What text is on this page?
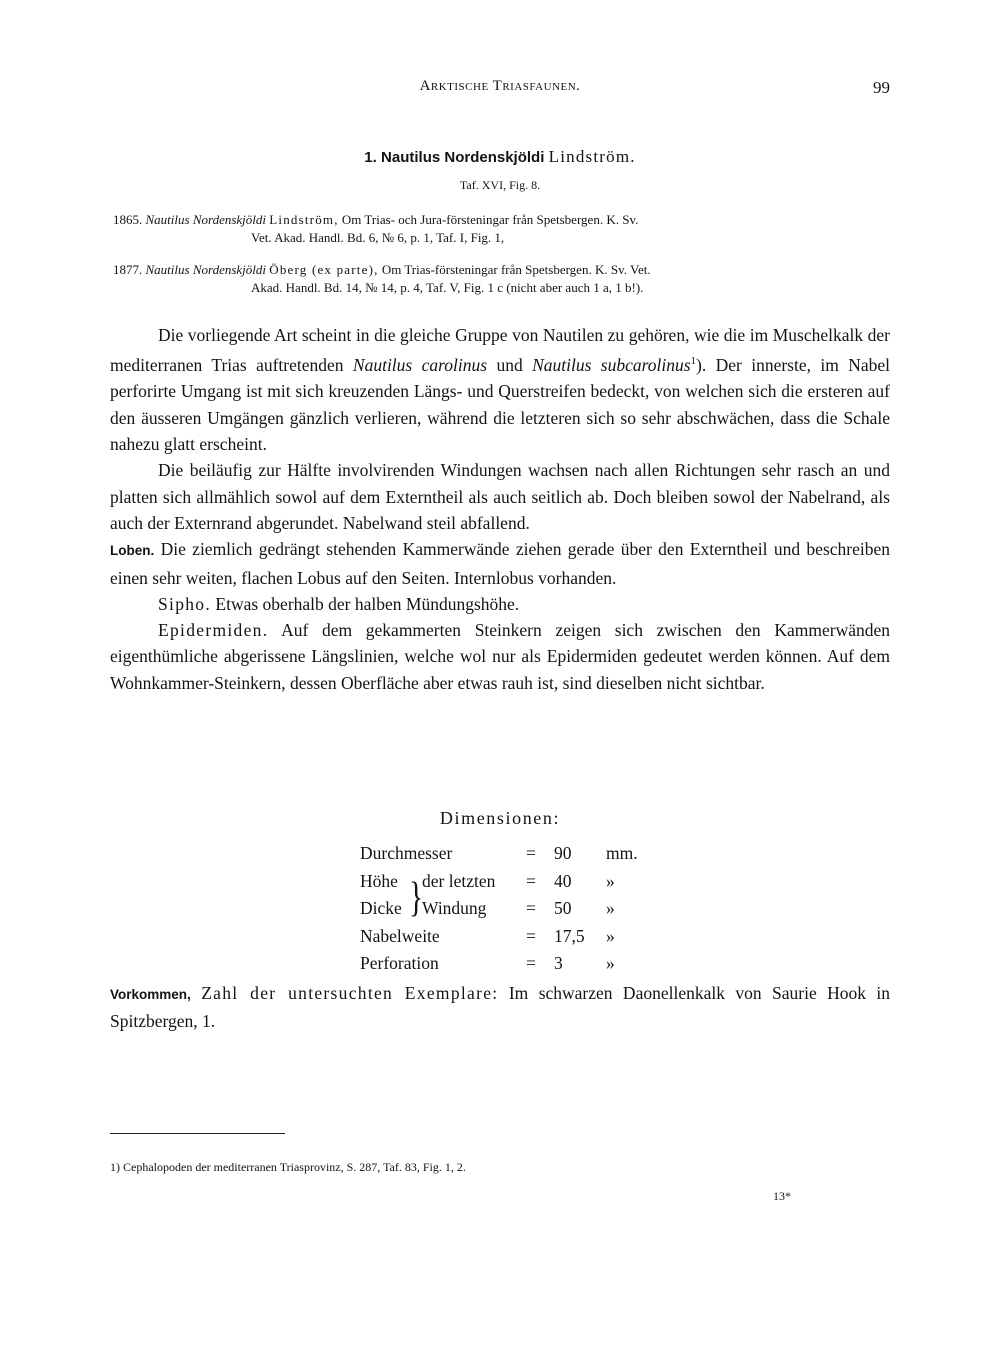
Arktische Triasfaunen.	99
1. Nautilus Nordenskjöldi Lindström.
Taf. XVI, Fig. 8.
1865. Nautilus Nordenskjöldi Lindström, Om Trias- och Jura-försteningar från Spetsbergen. K. Sv.
Vet. Akad. Handl. Bd. 6, № 6, p. 1, Taf. I, Fig. 1,
1877. Nautilus Nordenskjöldi Öberg (ex parte), Om Trias-försteningar från Spetsbergen. K. Sv. Vet.
Akad. Handl. Bd. 14, № 14, p. 4, Taf. V, Fig. 1 c (nicht aber auch 1 a, 1 b!).

Die vorliegende Art scheint in die gleiche Gruppe von Nautilen zu gehören, wie die im Muschelkalk der mediterranen Trias auftretenden Nautilus carolinus und Nautilus subcarolinus$^1$). Der innerste, im Nabel perforirte Umgang ist mit sich kreuzenden Längs- und Querstreifen bedeckt, von welchen sich die ersteren auf den äusseren Umgängen gänzlich verlieren, während die letzteren sich so sehr abschwächen, dass die Schale nahezu glatt erscheint.

Die beiläufig zur Hälfte involvirenden Windungen wachsen nach allen Richtungen sehr rasch an und platten sich allmählich sowol auf dem Externtheil als auch seitlich ab. Doch bleiben sowol der Nabelrand, als auch der Externrand abgerundet. Nabelwand steil abfallend.

Loben. Die ziemlich gedrängt stehenden Kammerwände ziehen gerade über den Externtheil und beschreiben einen sehr weiten, flachen Lobus auf den Seiten. Internlobus vorhanden.

Sipho. Etwas oberhalb der halben Mündungshöhe.

Epidermiden. Auf dem gekammerten Steinkern zeigen sich zwischen den Kammerwänden eigenthümliche abgerissene Längslinien, welche wol nur als Epidermiden gedeutet werden können. Auf dem Wohnkammer-Steinkern, dessen Oberfläche aber etwas rauh ist, sind dieselben nicht sichtbar.

Dimensionen:
}
Durchmesser	= 90 mm.
Höhe der letzten = 40 »
Dicke Windung = 50 »
Nabelweite	= 17,5 »
Perforation	= 3 »

Vorkommen, Zahl der untersuchten Exemplare: Im schwarzen Daonellenkalk von Saurie Hook in Spitzbergen, 1.

1) Cephalopoden der mediterranen Triasprovinz, S. 287, Taf. 83, Fig. 1, 2.
13*
